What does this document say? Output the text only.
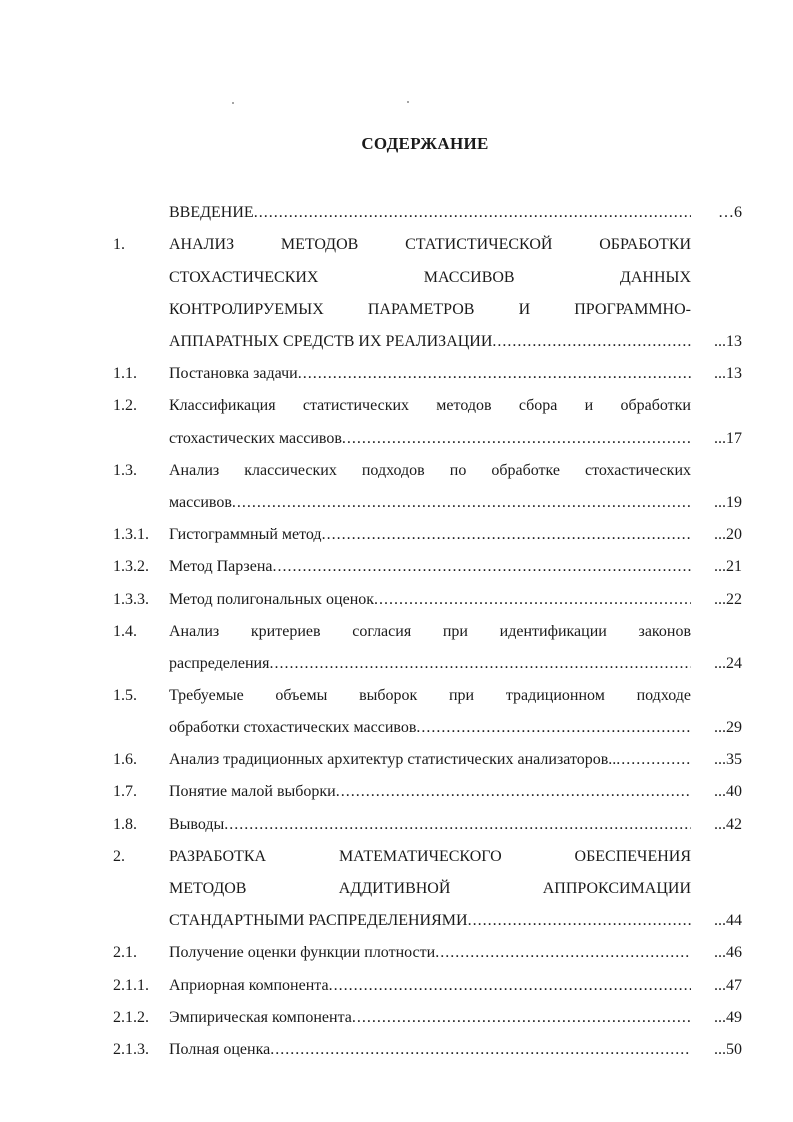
СОДЕРЖАНИЕ
ВВЕДЕНИЕ .....	…6
1.	АНАЛИЗ МЕТОДОВ СТАТИСТИЧЕСКОЙ ОБРАБОТКИ
СТОХАСТИЧЕСКИХ МАССИВОВ ДАННЫХ
КОНТРОЛИРУЕМЫХ ПАРАМЕТРОВ И ПРОГРАММНО-
АППАРАТНЫХ СРЕДСТВ ИХ РЕАЛИЗАЦИИ .....	...13
1.1. Постановка задачи .....	...13
1.2. Классификация статистических методов сбора и обработки
стохастических массивов .....	...17
1.3. Анализ классических подходов по обработке стохастических
массивов .....	...19
1.3.1. Гистограммный метод .....	...20
1.3.2. Метод Парзена .....	...21
1.3.3. Метод полигональных оценок .....	...22
1.4. Анализ критериев согласия при идентификации законов
распределения .....	...24
1.5. Требуемые объемы выборок при традиционном подходе
обработки стохастических массивов .....	...29
1.6. Анализ традиционных архитектур статистических анализаторов.. .....	...35
1.7. Понятие малой выборки .....	...40
1.8. Выводы .....	...42
2.	РАЗРАБОТКА МАТЕМАТИЧЕСКОГО ОБЕСПЕЧЕНИЯ
МЕТОДОВ АДДИТИВНОЙ АППРОКСИМАЦИИ
СТАНДАРТНЫМИ РАСПРЕДЕЛЕНИЯМИ .....	...44
2.1. Получение оценки функции плотности .....	...46
2.1.1. Априорная компонента .....	...47
2.1.2. Эмпирическая компонента .....	...49
2.1.3. Полная оценка .....	...50
